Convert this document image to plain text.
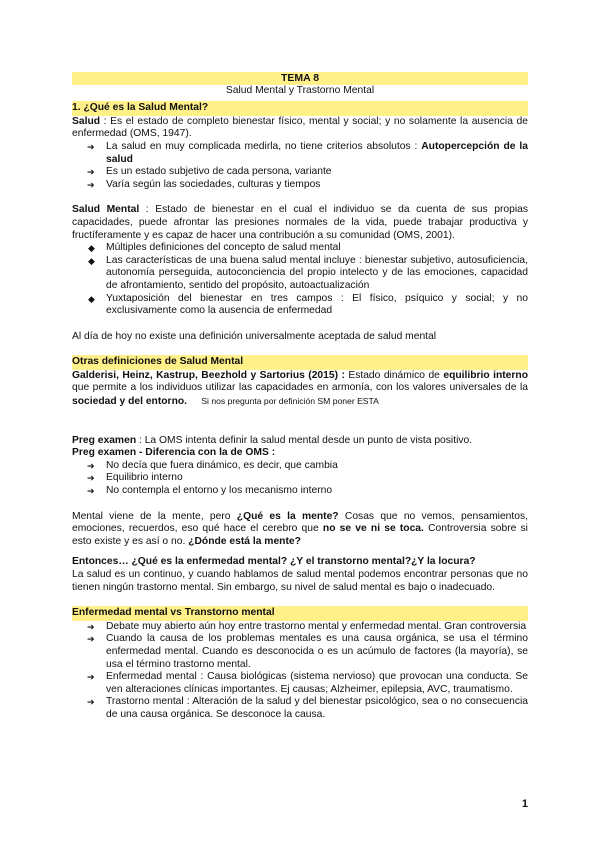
TEMA 8
Salud Mental y Trastorno Mental
1. ¿Qué es la Salud Mental?

Salud : Es el estado de completo bienestar físico, mental y social; y no solamente la ausencia de enfermedad (OMS, 1947).

➔ La salud en muy complicada medirla, no tiene criterios absolutos : Autopercepción de la salud
➔ Es un estado subjetivo de cada persona, variante
➔ Varía según las sociedades, culturas y tiempos

Salud Mental : Estado de bienestar en el cual el individuo se da cuenta de sus propias capacidades, puede afrontar las presiones normales de la vida, puede trabajar productiva y fructíferamente y es capaz de hacer una contribución a su comunidad (OMS, 2001).

◆ Múltiples definiciones del concepto de salud mental
◆ Las características de una buena salud mental incluye : bienestar subjetivo, autosuficiencia, autonomía perseguida, autoconciencia del propio intelecto y de las emociones, capacidad de afrontamiento, sentido del propósito, autoactualización
◆ Yuxtaposición del bienestar en tres campos : El físico, psíquico y social; y no exclusivamente como la ausencia de enfermedad

Al día de hoy no existe una definición universalmente aceptada de salud mental

Otras definiciones de Salud Mental

Galderisi, Heinz, Kastrup, Beezhold y Sartorius (2015) : Estado dinámico de equilibrio interno que permite a los individuos utilizar las capacidades en armonía, con los valores universales de la sociedad y del entorno. Si nos pregunta por definición SM poner ESTA

Preg examen : La OMS intenta definir la salud mental desde un punto de vista positivo.

Preg examen - Diferencia con la de OMS :

➔ No decía que fuera dinámico, es decir, que cambia
➔ Equilibrio interno
➔ No contempla el entorno y los mecanismo interno

Mental viene de la mente, pero ¿Qué es la mente? Cosas que no vemos, pensamientos, emociones, recuerdos, eso qué hace el cerebro que no se ve ni se toca. Controversia sobre si esto existe y es así o no. ¿Dónde está la mente?

Entonces… ¿Qué es la enfermedad mental? ¿Y el transtorno mental?¿Y la locura?

La salud es un continuo, y cuando hablamos de salud mental podemos encontrar personas que no tienen ningún trastorno mental. Sin embargo, su nivel de salud mental es bajo o inadecuado.

Enfermedad mental vs Transtorno mental
➔ Debate muy abierto aún hoy entre trastorno mental y enfermedad mental. Gran controversia
➔ Cuando la causa de los problemas mentales es una causa orgánica, se usa el término enfermedad mental. Cuando es desconocida o es un acúmulo de factores (la mayoría), se usa el término trastorno mental.
➔ Enfermedad mental : Causa biológicas (sistema nervioso) que provocan una conducta. Se ven alteraciones clínicas importantes. Ej causas; Alzheimer, epilepsia, AVC, traumatismo.
➔ Trastorno mental : Alteración de la salud y del bienestar psicológico, sea o no consecuencia de una causa orgánica. Se desconoce la causa.
1
